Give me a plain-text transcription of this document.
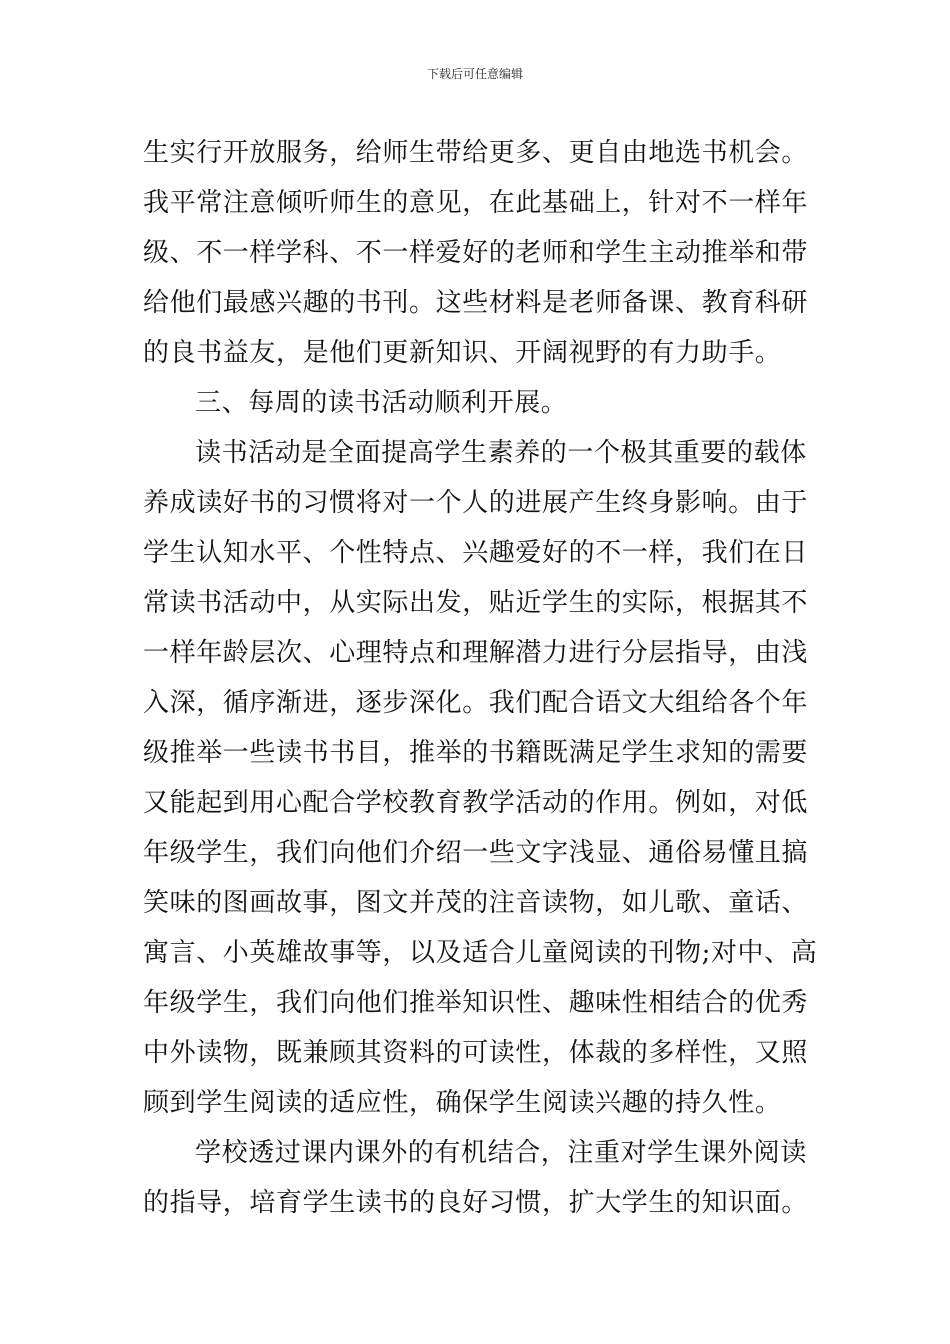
下载后可任意编辑
生实行开放服务，给师生带给更多、更自由地选书机会。
我平常注意倾听师生的意见，在此基础上，针对不一样年
级、不一样学科、不一样爱好的老师和学生主动推举和带
给他们最感兴趣的书刊。这些材料是老师备课、教育科研
的良书益友，是他们更新知识、开阔视野的有力助手。
三、每周的读书活动顺利开展。
读书活动是全面提高学生素养的一个极其重要的载体
养成读好书的习惯将对一个人的进展产生终身影响。由于
学生认知水平、个性特点、兴趣爱好的不一样，我们在日
常读书活动中，从实际出发，贴近学生的实际，根据其不
一样年龄层次、心理特点和理解潜力进行分层指导，由浅
入深，循序渐进，逐步深化。我们配合语文大组给各个年
级推举一些读书书目，推举的书籍既满足学生求知的需要
又能起到用心配合学校教育教学活动的作用。例如，对低
年级学生，我们向他们介绍一些文字浅显、通俗易懂且搞
笑味的图画故事，图文并茂的注音读物，如儿歌、童话、
寓言、小英雄故事等，以及适合儿童阅读的刊物;对中、高
年级学生，我们向他们推举知识性、趣味性相结合的优秀
中外读物，既兼顾其资料的可读性，体裁的多样性，又照
顾到学生阅读的适应性，确保学生阅读兴趣的持久性。
学校透过课内课外的有机结合，注重对学生课外阅读
的指导，培育学生读书的良好习惯，扩大学生的知识面。
